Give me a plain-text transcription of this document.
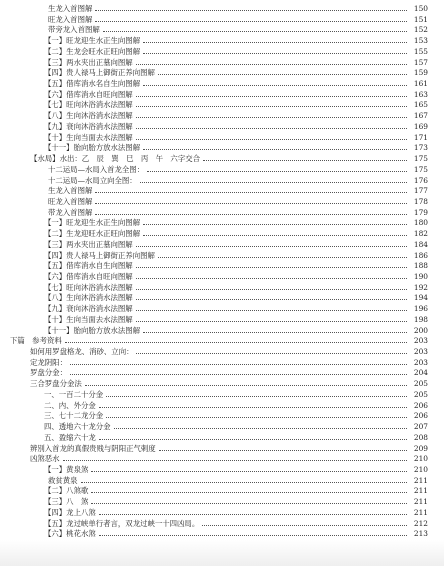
生龙入首图解	150
旺龙入首图解	151
带旁龙入首图解	152
【一】旺龙迎生水正生向图解	153
【二】生龙会旺水正旺向图解	155
【三】两水夹出正墓向图解	157
【四】贵人禄马上御街正养向图解	159
【五】借库消水名自生向图解	161
【六】借库消水自旺向图解	163
【七】旺向沐浴消水法图解	165
【八】生向沐浴消水法图解	167
【九】衰向沐浴消水法图解	169
【十】生向当面去水法图解	171
【十一】胎向胎方放水法图解	173
【水局】水出：乙　辰　巽　巳　丙　午　六字交合	175
十二运局—水局入首龙全图：	175
十二运局—水局立向全图：	176
生龙入首图解	177
旺龙入首图解	178
带龙入首图解	179
【一】旺龙迎生水正生向图解	180
【二】生龙迎旺水正旺向图解	182
【三】两水夹出正墓向图解	184
【四】贵人禄马上御街正养向图解	186
【五】借库消水自生向图解	188
【六】借库消水自旺向图解	190
【七】旺向沐浴消水法图解	192
【八】生向沐浴消水法图解	194
【九】衰向沐浴消水法图解	196
【十】生向当面去水法图解	198
【十一】胎向胎方放水法图解	200
下篇　参考资料	203
如何用罗盘格龙、消砂、立向：	203
定龙阴阳：	203
罗盘分金：	204
三合罗盘分金法	205
一、一百二十分金	205
二、内、外分金	206
三、七十二龙分金	206
四、透地六十龙分金	207
五、盈缩六十龙	208
辨別入首龙的真假贵贱与阴阳正气剌度	209
凶煞恶水	210
【一】黄泉煞	210
救贫黄泉	211
【二】八煞歌	211
【三】八　煞	211
【四】龙上八煞	211
【五】龙过峡单行者言，双龙过峡一十四凶局。	212
【六】桃花水煞	213
